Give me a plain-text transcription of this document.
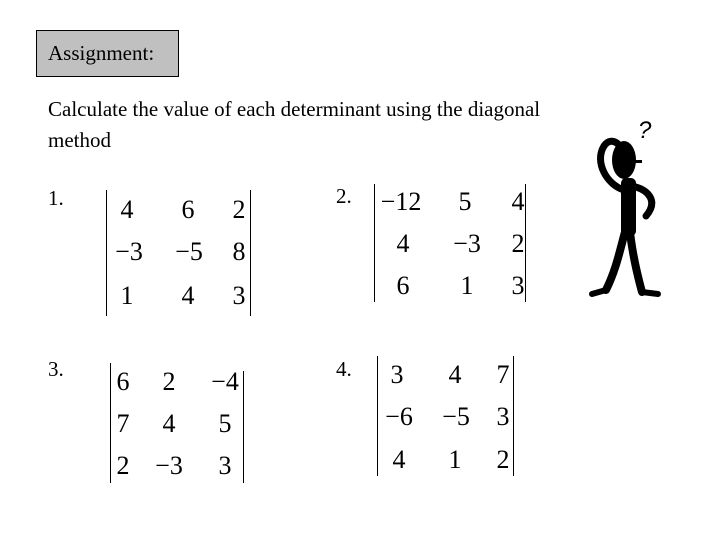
Assignment:
Calculate the value of each determinant using the diagonal method
1. 4 6 2
−3 −5 8
1 4 3
2. −12 5 4
4 −3 2
6 1 3
3. 6 2 −4
7 4 5
2 −3 3
4. 3 4 7
−6 −5 3
4 1 2
?
